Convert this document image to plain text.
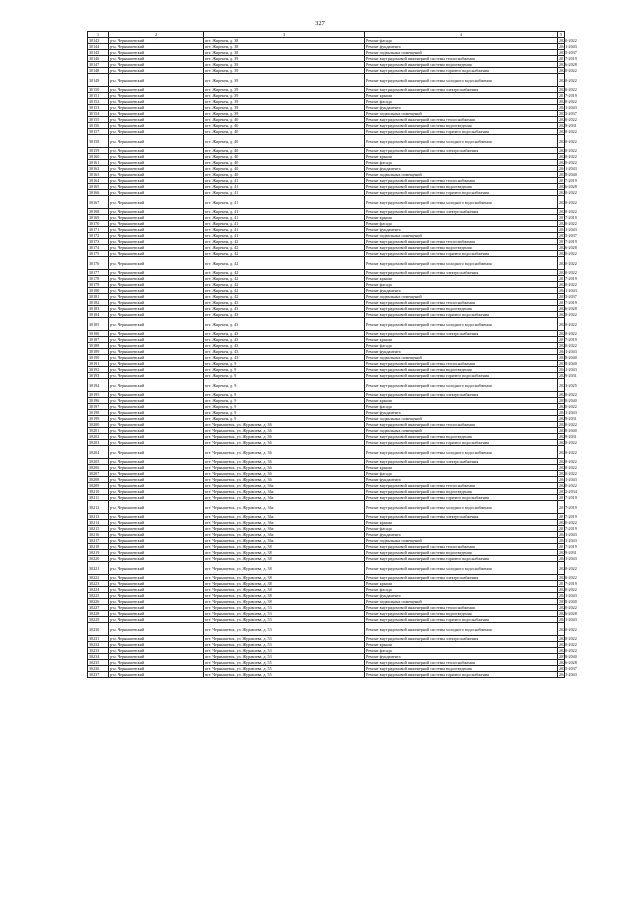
327
1	2	3	4	5
30143	р-н. Чернышевский	пгт. Жирекен, д. 38	Ремонт фасада	2020-2022
30144	р-н. Чернышевский	пгт. Жирекен, д. 38	Ремонт фундамента	2041-2043
30145	р-н. Чернышевский	пгт. Жирекен, д. 38	Ремонт подвальных помещений	2035-2037
30146	р-н. Чернышевский	пгт. Жирекен, д. 39	Ремонт внутридомовой инженерной системы теплоснабжения	2017-2019
30147	р-н. Чернышевский	пгт. Жирекен, д. 39	Ремонт внутридомовой инженерной системы водоотведения	2026-2028
30148	р-н. Чернышевский	пгт. Жирекен, д. 39	Ремонт внутридомовой инженерной системы горячего водоснабжения	2020-2022
30149	р-н. Чернышевский	пгт. Жирекен, д. 39	Ремонт внутридомовой инженерной системы холодного водоснабжения	2020-2022
30150	р-н. Чернышевский	пгт. Жирекен, д. 39	Ремонт внутридомовой инженерной системы электроснабжения	2020-2022
30151	р-н. Чернышевский	пгт. Жирекен, д. 39	Ремонт крыши	2017-2019
30152	р-н. Чернышевский	пгт. Жирекен, д. 39	Ремонт фасада	2020-2022
30153	р-н. Чернышевский	пгт. Жирекен, д. 39	Ремонт фундамента	2041-2043
30154	р-н. Чернышевский	пгт. Жирекен, д. 39	Ремонт подвальных помещений	2035-2037
30155	р-н. Чернышевский	пгт. Жирекен, д. 40	Ремонт внутридомовой инженерной системы теплоснабжения	2020-2022
30156	р-н. Чернышевский	пгт. Жирекен, д. 40	Ремонт внутридомовой инженерной системы водоотведения	2029-2031
30157	р-н. Чернышевский	пгт. Жирекен, д. 40	Ремонт внутридомовой инженерной системы горячего водоснабжения	2020-2022
30158	р-н. Чернышевский	пгт. Жирекен, д. 40	Ремонт внутридомовой инженерной системы холодного водоснабжения	2020-2022
30159	р-н. Чернышевский	пгт. Жирекен, д. 40	Ремонт внутридомовой инженерной системы электроснабжения	2020-2022
30160	р-н. Чернышевский	пгт. Жирекен, д. 40	Ремонт крыши	2020-2022
30161	р-н. Чернышевский	пгт. Жирекен, д. 40	Ремонт фасада	2020-2022
30162	р-н. Чернышевский	пгт. Жирекен, д. 40	Ремонт фундамента	2041-2043
30163	р-н. Чернышевский	пгт. Жирекен, д. 40	Ремонт подвальных помещений	2038-2040
30164	р-н. Чернышевский	пгт. Жирекен, д. 41	Ремонт внутридомовой инженерной системы теплоснабжения	2017-2019
30165	р-н. Чернышевский	пгт. Жирекен, д. 41	Ремонт внутридомовой инженерной системы водоотведения	2026-2028
30166	р-н. Чернышевский	пгт. Жирекен, д. 41	Ремонт внутридомовой инженерной системы горячего водоснабжения	2020-2022
30167	р-н. Чернышевский	пгт. Жирекен, д. 41	Ремонт внутридомовой инженерной системы холодного водоснабжения	2020-2022
30168	р-н. Чернышевский	пгт. Жирекен, д. 41	Ремонт внутридомовой инженерной системы электроснабжения	2020-2022
30169	р-н. Чернышевский	пгт. Жирекен, д. 41	Ремонт крыши	2017-2019
30170	р-н. Чернышевский	пгт. Жирекен, д. 41	Ремонт фасада	2020-2022
30171	р-н. Чернышевский	пгт. Жирекен, д. 41	Ремонт фундамента	2041-2043
30172	р-н. Чернышевский	пгт. Жирекен, д. 41	Ремонт подвальных помещений	2035-2037
30173	р-н. Чернышевский	пгт. Жирекен, д. 42	Ремонт внутридомовой инженерной системы теплоснабжения	2017-2019
30174	р-н. Чернышевский	пгт. Жирекен, д. 42	Ремонт внутридомовой инженерной системы водоотведения	2026-2028
30175	р-н. Чернышевский	пгт. Жирекен, д. 42	Ремонт внутридомовой инженерной системы горячего водоснабжения	2020-2022
30176	р-н. Чернышевский	пгт. Жирекен, д. 42	Ремонт внутридомовой инженерной системы холодного водоснабжения	2020-2022
30177	р-н. Чернышевский	пгт. Жирекен, д. 42	Ремонт внутридомовой инженерной системы электроснабжения	2020-2022
30178	р-н. Чернышевский	пгт. Жирекен, д. 42	Ремонт крыши	2017-2019
30179	р-н. Чернышевский	пгт. Жирекен, д. 42	Ремонт фасада	2020-2022
30180	р-н. Чернышевский	пгт. Жирекен, д. 42	Ремонт фундамента	2041-2043
30181	р-н. Чернышевский	пгт. Жирекен, д. 42	Ремонт подвальных помещений	2035-2037
30182	р-н. Чернышевский	пгт. Жирекен, д. 43	Ремонт внутридомовой инженерной системы теплоснабжения	2017-2019
30183	р-н. Чернышевский	пгт. Жирекен, д. 43	Ремонт внутридомовой инженерной системы водоотведения	2026-2028
30184	р-н. Чернышевский	пгт. Жирекен, д. 43	Ремонт внутридомовой инженерной системы горячего водоснабжения	2020-2022
30185	р-н. Чернышевский	пгт. Жирекен, д. 43	Ремонт внутридомовой инженерной системы холодного водоснабжения	2020-2022
30186	р-н. Чернышевский	пгт. Жирекен, д. 43	Ремонт внутридомовой инженерной системы электроснабжения	2020-2022
30187	р-н. Чернышевский	пгт. Жирекен, д. 43	Ремонт крыши	2017-2019
30188	р-н. Чернышевский	пгт. Жирекен, д. 43	Ремонт фасада	2020-2022
30189	р-н. Чернышевский	пгт. Жирекен, д. 43	Ремонт фундамента	2041-2043
30190	р-н. Чернышевский	пгт. Жирекен, д. 43	Ремонт подвальных помещений	2038-2040
30191	р-н. Чернышевский	пгт. Жирекен, д. 9	Ремонт внутридомовой инженерной системы теплоснабжения	2038-2040
30192	р-н. Чернышевский	пгт. Жирекен, д. 9	Ремонт внутридомовой инженерной системы водоотведения	2041-2043
30193	р-н. Чернышевский	пгт. Жирекен, д. 9	Ремонт внутридомовой инженерной системы горячего водоснабжения	2029-2031
30194	р-н. Чернышевский	пгт. Жирекен, д. 9	Ремонт внутридомовой инженерной системы холодного водоснабжения	2023-2025
30195	р-н. Чернышевский	пгт. Жирекен, д. 9	Ремонт внутридомовой инженерной системы электроснабжения	2020-2022
30196	р-н. Чернышевский	пгт. Жирекен, д. 9	Ремонт крыши	2038-2040
30197	р-н. Чернышевский	пгт. Жирекен, д. 9	Ремонт фасада	2020-2022
30198	р-н. Чернышевский	пгт. Жирекен, д. 9	Ремонт фундамента	2041-2043
30199	р-н. Чернышевский	пгт. Жирекен, д. 9	Ремонт подвальных помещений	2029-2031
30200	р-н. Чернышевский	пгт. Чернышевск, ул. Журавлева, д. 36	Ремонт внутридомовой инженерной системы теплоснабжения	2020-2022
30201	р-н. Чернышевский	пгт. Чернышевск, ул. Журавлева, д. 36	Ремонт подвальных помещений	2038-2040
30202	р-н. Чернышевский	пгт. Чернышевск, ул. Журавлева, д. 36	Ремонт внутридомовой инженерной системы водоотведения	2029-2031
30203	р-н. Чернышевский	пгт. Чернышевск, ул. Журавлева, д. 36	Ремонт внутридомовой инженерной системы горячего водоснабжения	2020-2022
30204	р-н. Чернышевский	пгт. Чернышевск, ул. Журавлева, д. 36	Ремонт внутридомовой инженерной системы холодного водоснабжения	2020-2022
30205	р-н. Чернышевский	пгт. Чернышевск, ул. Журавлева, д. 36	Ремонт внутридомовой инженерной системы электроснабжения	2020-2022
30206	р-н. Чернышевский	пгт. Чернышевск, ул. Журавлева, д. 36	Ремонт крыши	2020-2022
30207	р-н. Чернышевский	пгт. Чернышевск, ул. Журавлева, д. 36	Ремонт фасада	2020-2022
30208	р-н. Чернышевский	пгт. Чернышевск, ул. Журавлева, д. 36	Ремонт фундамента	2041-2043
30209	р-н. Чернышевский	пгт. Чернышевск, ул. Журавлева, д. 36а	Ремонт внутридомовой инженерной системы теплоснабжения	2020-2022
30210	р-н. Чернышевский	пгт. Чернышевск, ул. Журавлева, д. 36а	Ремонт внутридомовой инженерной системы водоотведения	2032-2034
30211	р-н. Чернышевский	пгт. Чернышевск, ул. Журавлева, д. 36а	Ремонт внутридомовой инженерной системы горячего водоснабжения	2017-2019
30212	р-н. Чернышевский	пгт. Чернышевск, ул. Журавлева, д. 36а	Ремонт внутридомовой инженерной системы холодного водоснабжения	2017-2019
30213	р-н. Чернышевский	пгт. Чернышевск, ул. Журавлева, д. 36а	Ремонт внутридомовой инженерной системы электроснабжения	2017-2019
30214	р-н. Чернышевский	пгт. Чернышевск, ул. Журавлева, д. 36а	Ремонт крыши	2020-2022
30215	р-н. Чернышевский	пгт. Чернышевск, ул. Журавлева, д. 36а	Ремонт фасада	2017-2019
30216	р-н. Чернышевский	пгт. Чернышевск, ул. Журавлева, д. 36а	Ремонт фундамента	2041-2043
30217	р-н. Чернышевский	пгт. Чернышевск, ул. Журавлева, д. 36а	Ремонт подвальных помещений	2041-2043
30218	р-н. Чернышевский	пгт. Чернышевск, ул. Журавлева, д. 38	Ремонт внутридомовой инженерной системы теплоснабжения	2017-2019
30219	р-н. Чернышевский	пгт. Чернышевск, ул. Журавлева, д. 38	Ремонт внутридомовой инженерной системы водоотведения	2029-2031
30220	р-н. Чернышевский	пгт. Чернышевск, ул. Журавлева, д. 38	Ремонт внутридомовой инженерной системы горячего водоснабжения	2041-2043
30221	р-н. Чернышевский	пгт. Чернышевск, ул. Журавлева, д. 38	Ремонт внутридомовой инженерной системы холодного водоснабжения	2020-2022
30222	р-н. Чернышевский	пгт. Чернышевск, ул. Журавлева, д. 38	Ремонт внутридомовой инженерной системы электроснабжения	2020-2022
30223	р-н. Чернышевский	пгт. Чернышевск, ул. Журавлева, д. 38	Ремонт крыши	2017-2019
30224	р-н. Чернышевский	пгт. Чернышевск, ул. Журавлева, д. 38	Ремонт фасада	2020-2022
30225	р-н. Чернышевский	пгт. Чернышевск, ул. Журавлева, д. 38	Ремонт фундамента	2041-2043
30226	р-н. Чернышевский	пгт. Чернышевск, ул. Журавлева, д. 38	Ремонт подвальных помещений	2038-2040
30227	р-н. Чернышевский	пгт. Чернышевск, ул. Журавлева, д. 53	Ремонт внутридомовой инженерной системы теплоснабжения	2020-2022
30228	р-н. Чернышевский	пгт. Чернышевск, ул. Журавлева, д. 53	Ремонт внутридомовой инженерной системы водоотведения	2026-2028
30229	р-н. Чернышевский	пгт. Чернышевск, ул. Журавлева, д. 53	Ремонт внутридомовой инженерной системы горячего водоснабжения	2041-2043
30230	р-н. Чернышевский	пгт. Чернышевск, ул. Журавлева, д. 53	Ремонт внутридомовой инженерной системы холодного водоснабжения	2020-2022
30231	р-н. Чернышевский	пгт. Чернышевск, ул. Журавлева, д. 53	Ремонт внутридомовой инженерной системы электроснабжения	2020-2022
30232	р-н. Чернышевский	пгт. Чернышевск, ул. Журавлева, д. 53	Ремонт крыши	2020-2022
30233	р-н. Чернышевский	пгт. Чернышевск, ул. Журавлева, д. 53	Ремонт фасада	2020-2022
30234	р-н. Чернышевский	пгт. Чернышевск, ул. Журавлева, д. 53	Ремонт фундамента	2038-2040
30235	р-н. Чернышевский	пгт. Чернышевск, ул. Журавлева, д. 55	Ремонт внутридомовой инженерной системы теплоснабжения	2026-2028
30236	р-н. Чернышевский	пгт. Чернышевск, ул. Журавлева, д. 55	Ремонт внутридомовой инженерной системы водоотведения	2035-2037
30237	р-н. Чернышевский	пгт. Чернышевск, ул. Журавлева, д. 55	Ремонт внутридомовой инженерной системы горячего водоснабжения	2041-2043
